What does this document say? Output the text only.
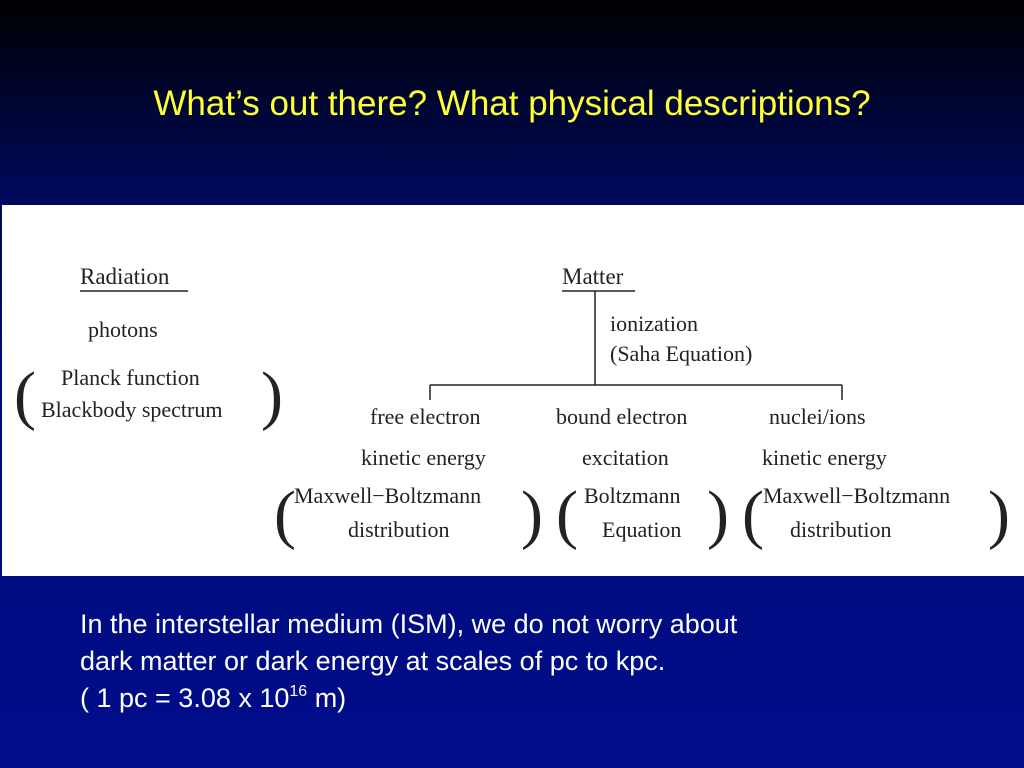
What’s out there? What physical descriptions?
Radiation
photons
( Planck function
Blackbody spectrum )
Matter
ionization
(Saha Equation)
free electron
kinetic energy
(
Maxwell−Boltzmann
distribution )
bound electron
excitation
( Boltzmann
Equation )
nuclei/ions
kinetic energy
( Maxwell−Boltzmann
distribution )
In the interstellar medium (ISM), we do not worry about
dark matter or dark energy at scales of pc to kpc.
( 1 pc = 3.08 x $10^{16}$ m)
